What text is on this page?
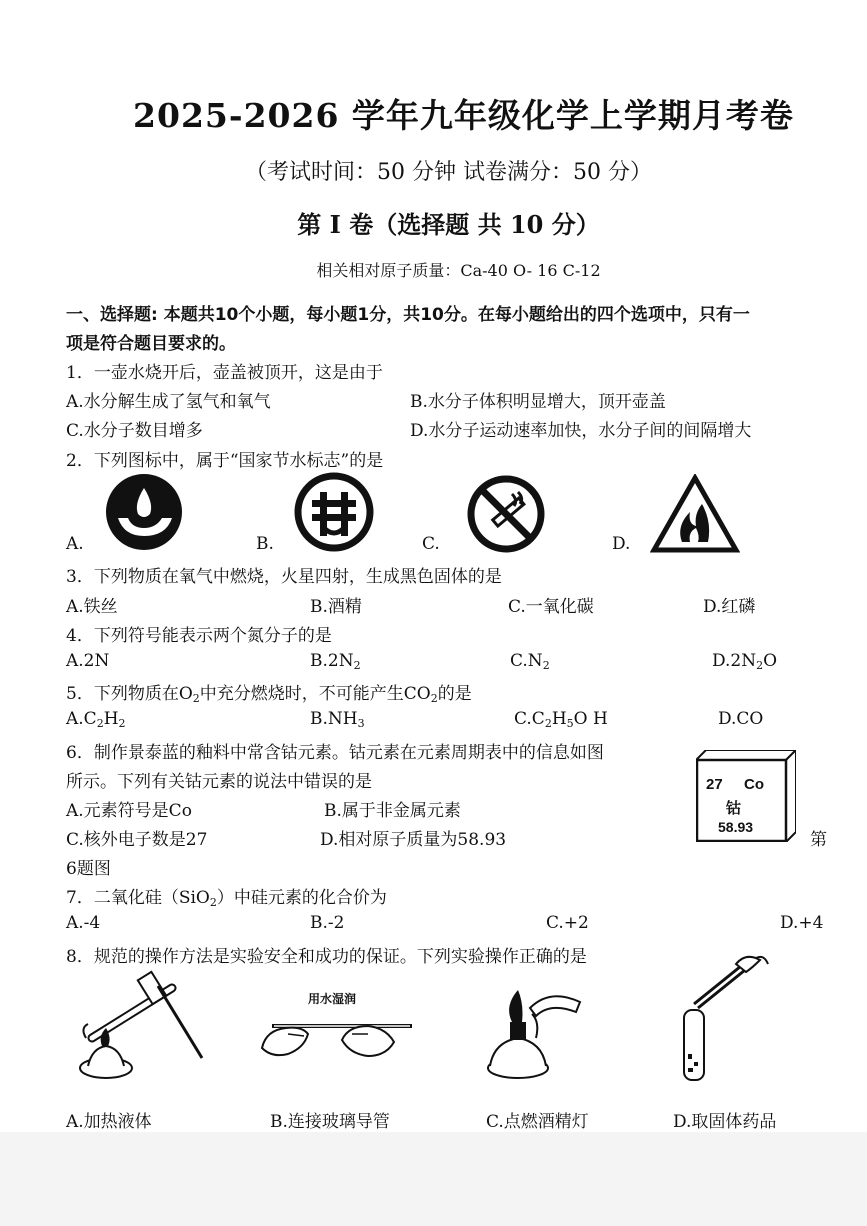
2025-2026 学年九年级化学上学期月考卷
（考试时间：50 分钟 试卷满分：50 分）
第 I 卷（选择题 共 10 分）
相关相对原子质量：Ca-40 O- 16 C-12
一、选择题: 本题共10个小题，每小题1分，共10分。在每小题给出的四个选项中，只有一
项是符合题目要求的。
1．一壶水烧开后，壶盖被顶开，这是由于
A.水分解生成了氢气和氧气	B.水分子体积明显增大，顶开壶盖
C.水分子数目增多	D.水分子运动速率加快，水分子间的间隔增大
2．下列图标中，属于“国家节水标志”的是
A.	B.	C.	D.
3．下列物质在氧气中燃烧，火星四射，生成黑色固体的是
A.铁丝	B.酒精	C.一氧化碳	D.红磷
4．下列符号能表示两个氮分子的是
A.2N	$B.2N_2$	$C.N_2$	$D.2N_2O$
5．下列物质在$O_2$中充分燃烧时，不可能产生$CO_2$的是
$A.C_2H_2$	$B.NH_3$	$C.C_2H_5O$ H	D.CO
6．制作景泰蓝的釉料中常含钴元素。钴元素在元素周期表中的信息如图
所示。下列有关钴元素的说法中错误的是
A.元素符号是Co	B.属于非金属元素
C.核外电子数是27	D.相对原子质量为58.93	第
6题图
27 Co
钴
58.93
7．二氧化硅（SiO$_2$）中硅元素的化合价为
A.-4	B.-2	C.+2	D.+4
8．规范的操作方法是实验安全和成功的保证。下列实验操作正确的是
用水湿润
A.加热液体	B.连接玻璃导管	C.点燃酒精灯	D.取固体药品
